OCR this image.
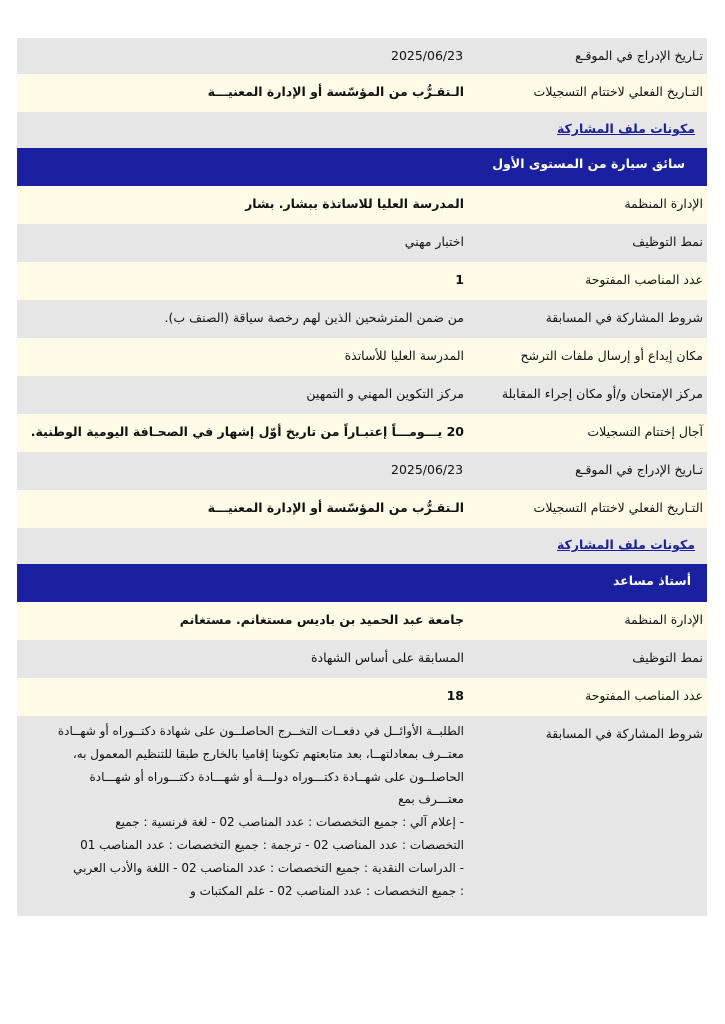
تـاريخ الإدراج في الموقـع
2025/06/23
التـاريخ الفعلي لاختتام التسجيلات
الـتقـرُّب من المؤسّسة أو الإدارة المعنيـــة
مكونات ملف المشاركة
سائق سيارة من المستوى الأول
الإدارة المنظمة
المدرسة العليا للاساتذة ببشار. بشار
نمط التوظيف
اختبار مهني
عدد المناصب المفتوحة
1
شروط المشاركة في المسابقة
من ضمن المترشحين الذين لهم رخصة سياقة (الصنف ب).
مكان إيداع أو إرسال ملفات الترشح
المدرسة العليا للأساتذة
مركز الإمتحان و/أو مكان إجراء المقابلة
مركز التكوين المهني و التمهين
آجال إختتام التسجيلات
20 يـــومـــاً إعتبـاراً من تاريخ أوّل إشهار في الصحـافة اليومية الوطنية.
تـاريخ الإدراج في الموقـع
2025/06/23
التـاريخ الفعلي لاختتام التسجيلات
الـتقـرُّب من المؤسّسة أو الإدارة المعنيـــة
مكونات ملف المشاركة
أستاذ مساعد
الإدارة المنظمة
جامعة عبد الحميد بن باديس مستغانم. مستغانم
نمط التوظيف
المسابقة على أساس الشهادة
عدد المناصب المفتوحة
18
شروط المشاركة في المسابقة
الطلبــة الأوائــل في دفعــات التخــرج الحاصلــون على شهادة دكتــوراه أو شهــادة
معتــرف بمعادلتهــا، بعد متابعتهم تكوينا إقاميا بالخارج طبقا للتنظيم المعمول به،
الحاصلــون على شهــادة دكتـــوراه دولـــة أو شهـــادة دكتـــوراه أو شهـــادة
معتـــرف بمع
- إعلام آلي : جميع التخصصات : عدد المناصب 02 - لغة فرنسية : جميع
التخصصات : عدد المناصب 02 - ترجمة : جميع التخصصات : عدد المناصب 01
- الدراسات النقدية : جميع التخصصات : عدد المناصب 02 - اللغة والأدب العربي
: جميع التخصصات : عدد المناصب 02 - علم المكتبات و
